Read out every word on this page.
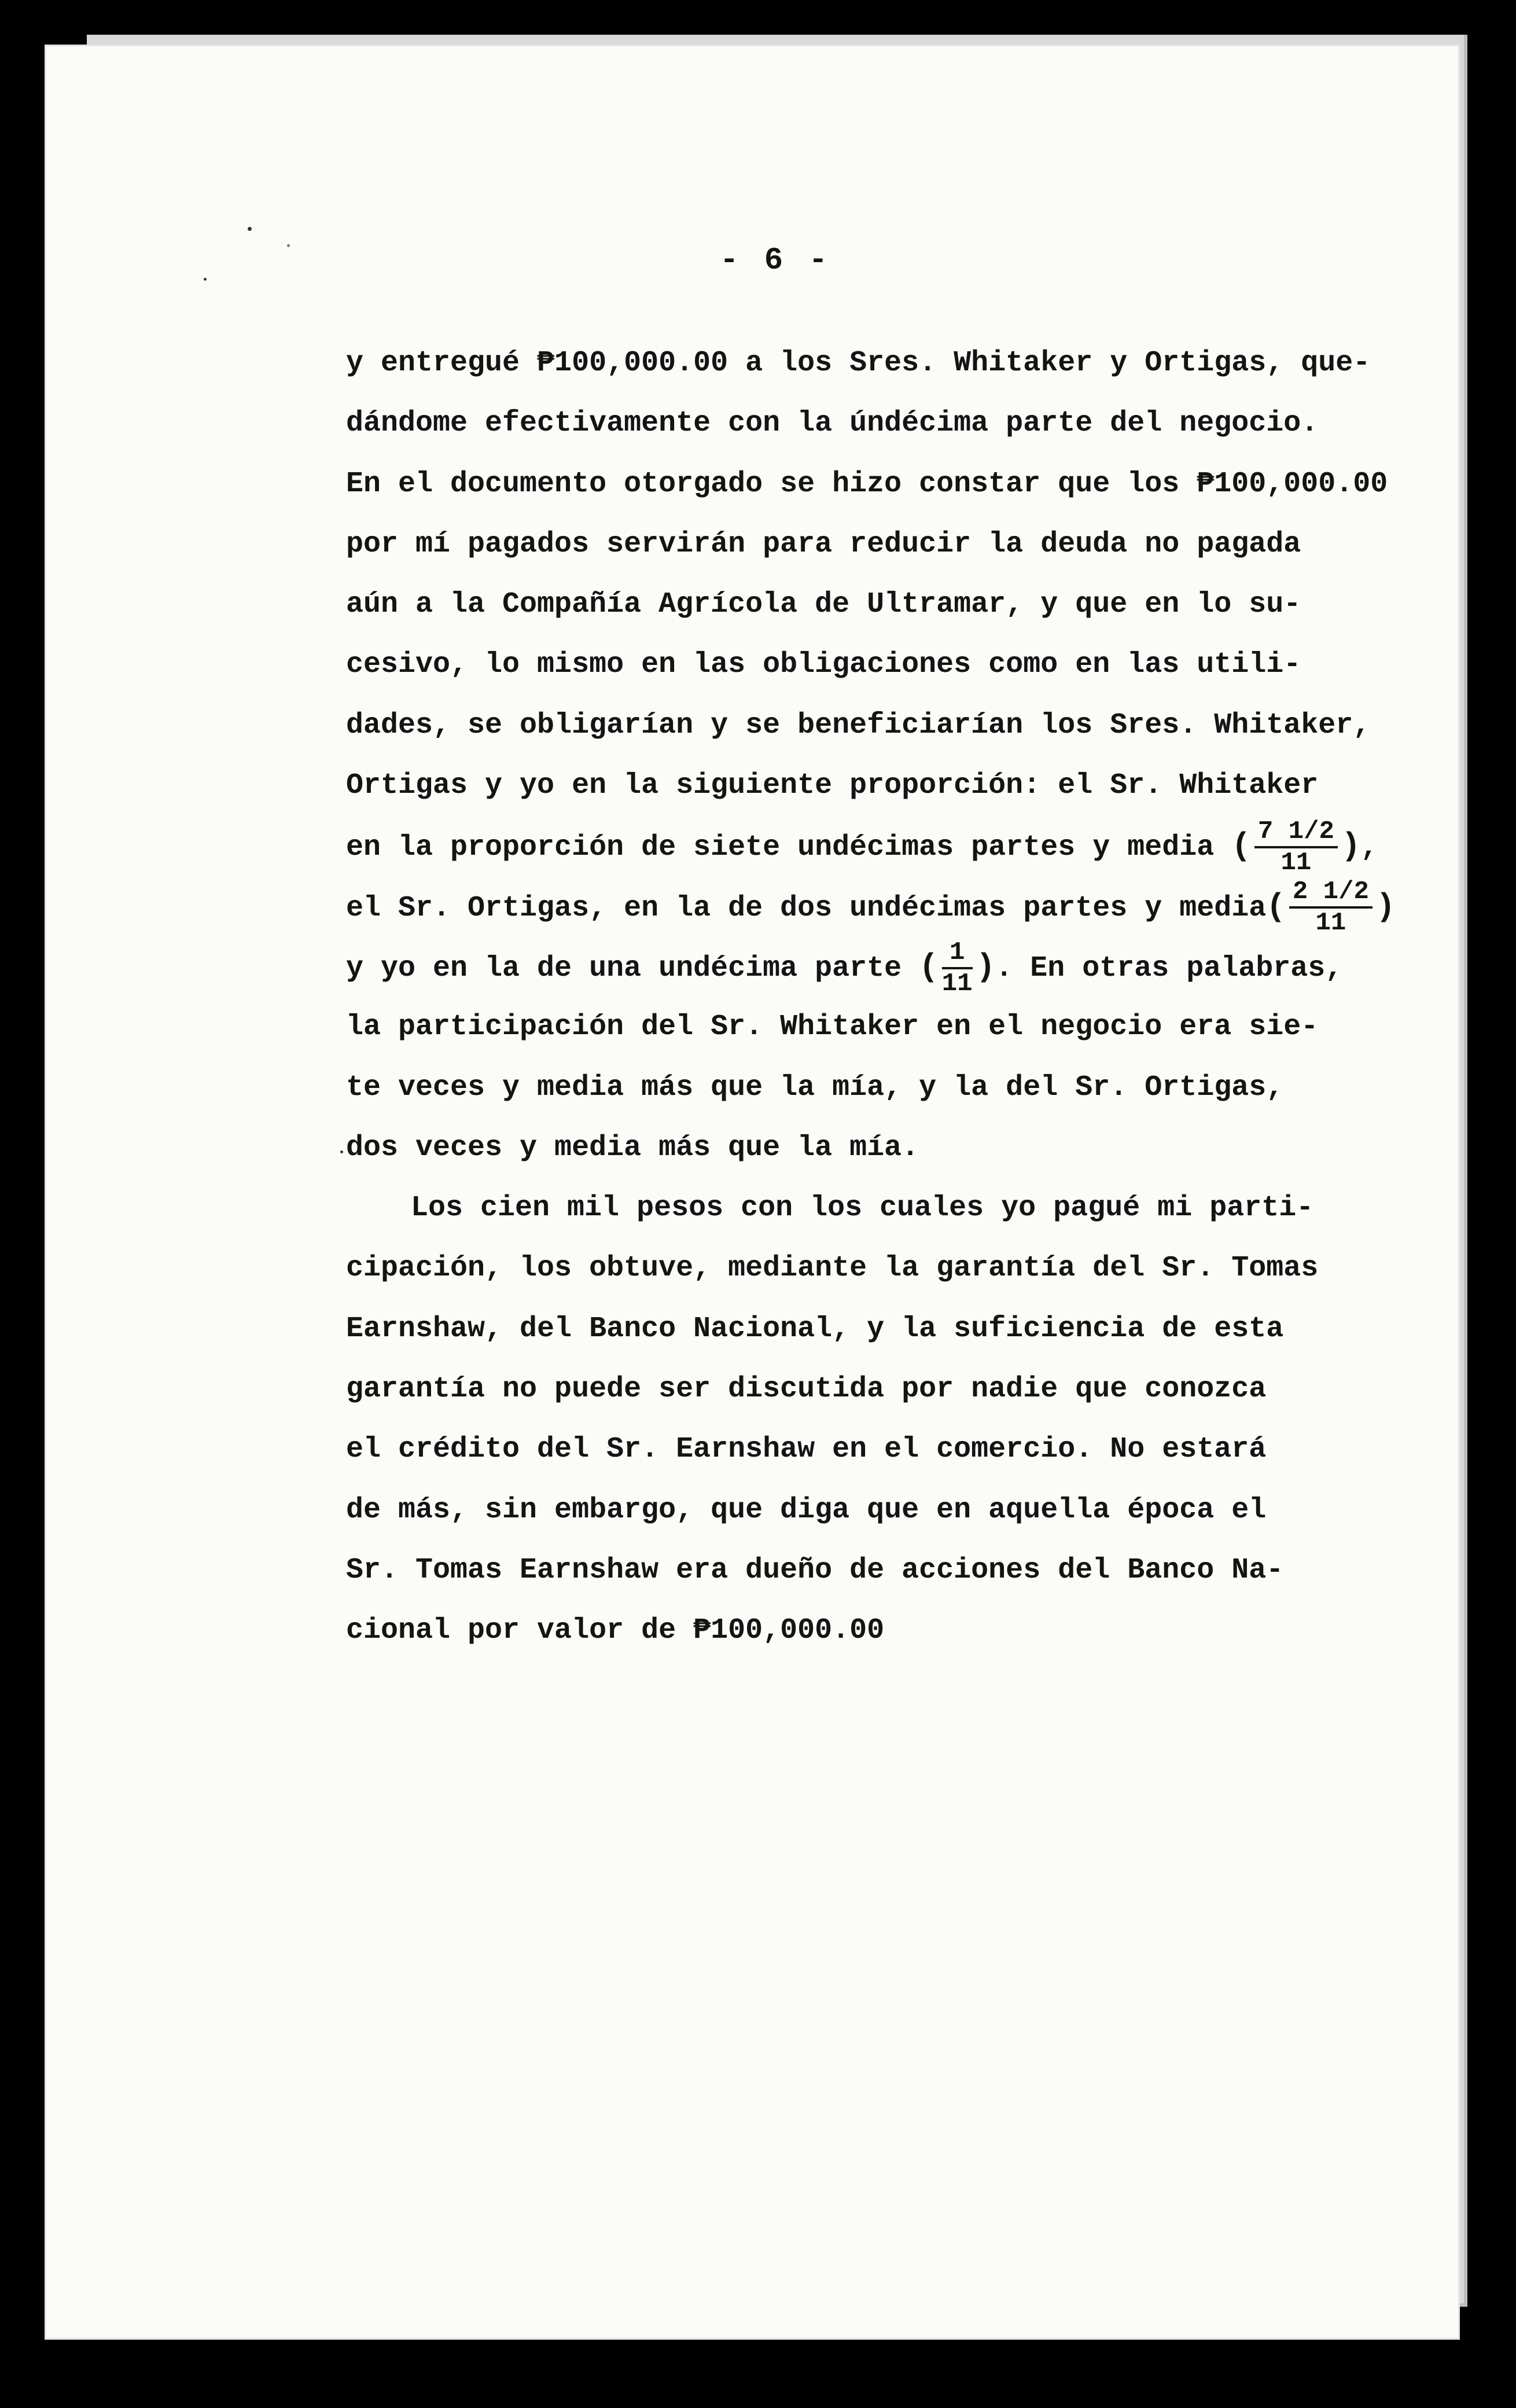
- 6 -
y entregué ₱100,000.00 a los Sres. Whitaker y Ortigas, que-
dándome efectivamente con la úndécima parte del negocio.
En el documento otorgado se hizo constar que los ₱100,000.00
por mí pagados servirán para reducir la deuda no pagada
aún a la Compañía Agrícola de Ultramar, y que en lo su-
cesivo, lo mismo en las obligaciones como en las utili-
dades, se obligarían y se beneficiarían los Sres. Whitaker,
Ortigas y yo en la siguiente proporción: el Sr. Whitaker
en la proporción de siete undécimas partes y media ( $\frac{7 1/2}{11}$ ),
el Sr. Ortigas, en la de dos undécimas partes y media( $\frac{2 1/2}{11}$ )
y yo en la de una undécima parte ( $\frac{1}{11}$ ). En otras palabras,
la participación del Sr. Whitaker en el negocio era sie-
te veces y media más que la mía, y la del Sr. Ortigas,
dos veces y media más que la mía.
Los cien mil pesos con los cuales yo pagué mi parti-
cipación, los obtuve, mediante la garantía del Sr. Tomas
Earnshaw, del Banco Nacional, y la suficiencia de esta
garantía no puede ser discutida por nadie que conozca
el crédito del Sr. Earnshaw en el comercio. No estará
de más, sin embargo, que diga que en aquella época el
Sr. Tomas Earnshaw era dueño de acciones del Banco Na-
cional por valor de ₱100,000.00
